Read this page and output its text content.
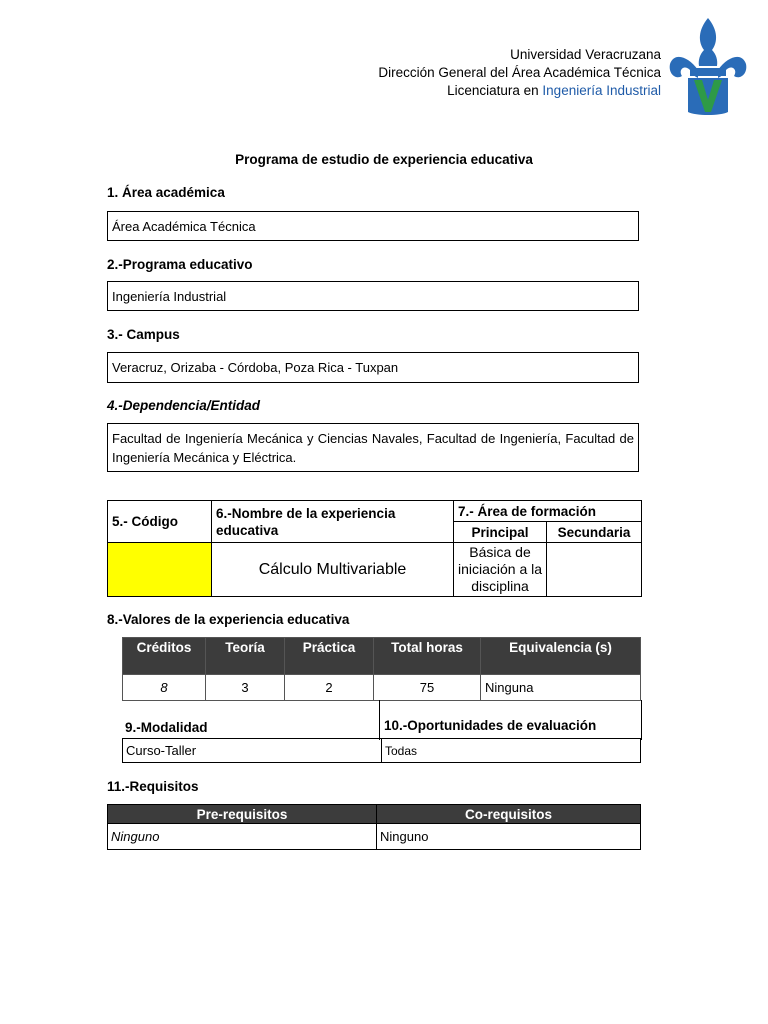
Universidad Veracruzana
Dirección General del Área Académica Técnica
Licenciatura en Ingeniería Industrial
Programa de estudio de experiencia educativa
1. Área académica
Área Académica Técnica
2.-Programa educativo
Ingeniería Industrial
3.- Campus
Veracruz, Orizaba - Córdoba, Poza Rica - Tuxpan
4.-Dependencia/Entidad
Facultad de Ingeniería Mecánica y Ciencias Navales, Facultad de Ingeniería, Facultad de Ingeniería Mecánica y Eléctrica.
5.- Código	6.-Nombre de la experiencia educativa	7.- Área de formación	
		Principal	Secundaria
	Cálculo Multivariable	Básica de iniciación a la disciplina	
8.-Valores de la experiencia educativa
Créditos	Teoría	Práctica	Total horas	Equivalencia (s)
8	3	2	75	Ninguna
9.-Modalidad	10.-Oportunidades de evaluación
Curso-Taller	Todas
11.-Requisitos
Pre-requisitos	Co-requisitos
Ninguno	Ninguno
